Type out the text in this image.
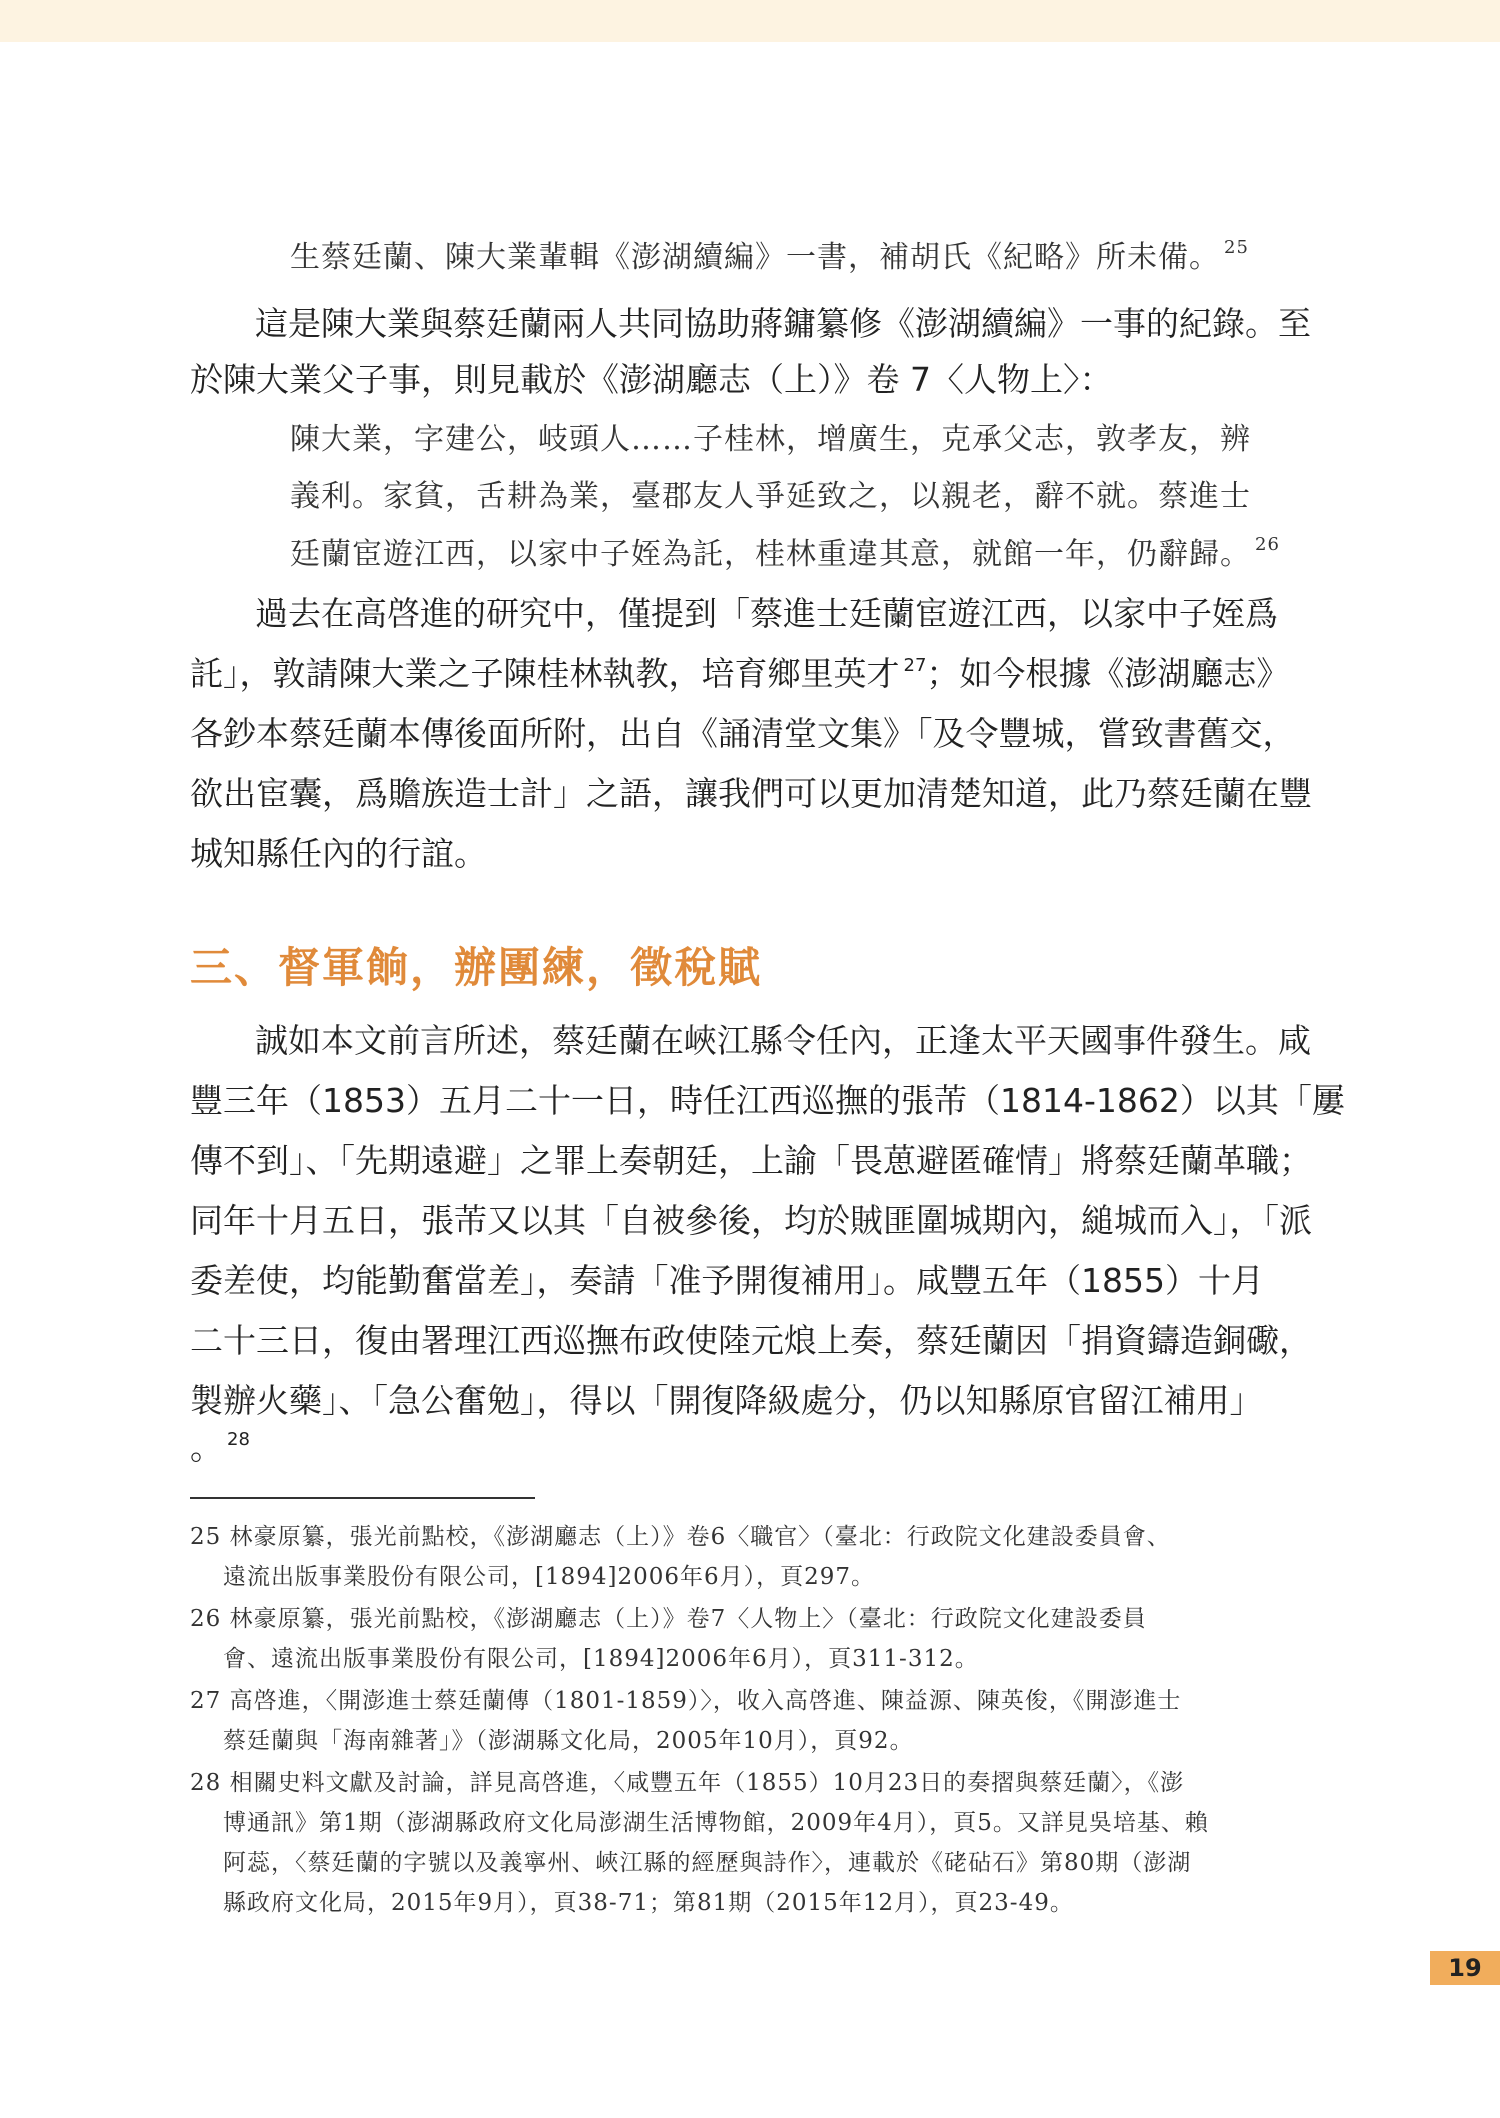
生蔡廷蘭、陳大業輩輯《澎湖續編》一書，補胡氏《紀略》所未備。 $^{25}$
這是陳大業與蔡廷蘭兩人共同協助蔣鏞纂修《澎湖續編》一事的紀錄。至
於陳大業父子事，則見載於《澎湖廳志（上）》卷 7〈人物上〉：
陳大業，字建公，岐頭人……子桂林，增廣生，克承父志，敦孝友，辨
義利。家貧，舌耕為業，臺郡友人爭延致之，以親老，辭不就。蔡進士
廷蘭宦遊江西，以家中子姪為託，桂林重違其意，就館一年，仍辭歸。 $^{26}$
過去在高啓進的研究中，僅提到「蔡進士廷蘭宦遊江西，以家中子姪爲
託」，敦請陳大業之子陳桂林執教，培育鄉里英才 $^{27}$；如今根據《澎湖廳志》
各鈔本蔡廷蘭本傳後面所附，出自《誦清堂文集》「及令豐城，嘗致書舊交，
欲出宦囊，爲贍族造士計」之語，讓我們可以更加清楚知道，此乃蔡廷蘭在豐
城知縣任內的行誼。
三、督軍餉，辦團練，徵稅賦
誠如本文前言所述，蔡廷蘭在峽江縣令任內，正逢太平天國事件發生。咸
豐三年（1853）五月二十一日，時任江西巡撫的張芾（1814-1862）以其「屢
傳不到」、「先期遠避」之罪上奏朝廷，上諭「畏葸避匿確情」將蔡廷蘭革職；
同年十月五日，張芾又以其「自被參後，均於賊匪圍城期內，縋城而入」，「派
委差使，均能勤奮當差」，奏請「准予開復補用」。咸豐五年（1855）十月
二十三日，復由署理江西巡撫布政使陸元烺上奏，蔡廷蘭因「捐資鑄造銅礮，
製辦火藥」、「急公奮勉」，得以「開復降級處分，仍以知縣原官留江補用」
。 $^{28}$
25 林豪原纂，張光前點校，《澎湖廳志（上）》卷6〈職官〉（臺北：行政院文化建設委員會、
遠流出版事業股份有限公司，[1894]2006年6月），頁297。
26 林豪原纂，張光前點校，《澎湖廳志（上）》卷7〈人物上〉（臺北：行政院文化建設委員
會、遠流出版事業股份有限公司，[1894]2006年6月），頁311-312。
27 高啓進，〈開澎進士蔡廷蘭傳（1801-1859）〉，收入高啓進、陳益源、陳英俊，《開澎進士
蔡廷蘭與「海南雜著」》（澎湖縣文化局，2005年10月），頁92。
28 相關史料文獻及討論，詳見高啓進，〈咸豐五年（1855）10月23日的奏摺與蔡廷蘭〉，《澎
博通訊》第1期（澎湖縣政府文化局澎湖生活博物館，2009年4月），頁5。又詳見吳培基、賴
阿蕊，〈蔡廷蘭的字號以及義寧州、峽江縣的經歷與詩作〉，連載於《硓砧石》第80期（澎湖
縣政府文化局，2015年9月），頁38-71；第81期（2015年12月），頁23-49。
19
